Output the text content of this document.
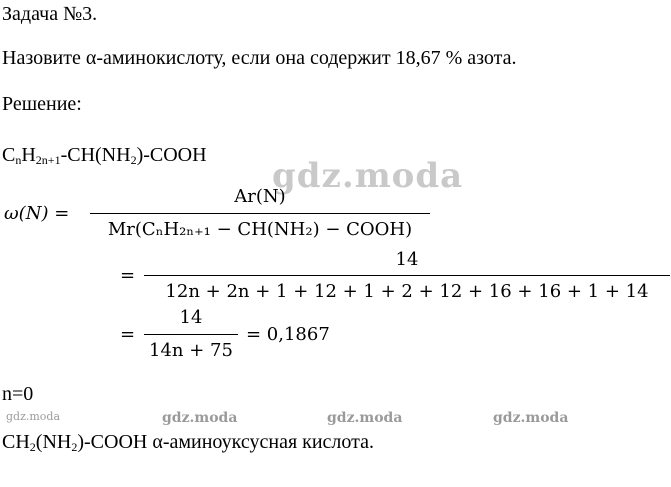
gdz.moda
gdz.moda	gdz.moda	gdz.moda	gdz.moda
Задача №3.
Назовите α-аминокислоту, если она содержит 18,67 % азота.
Решение:
$C_nH_{2n+1}-CH(NH_2)$-COOH
ω(N) =
Ar(N)
Mr(CₙH₂ₙ₊₁ − CH(NH₂) − COOH)
=
14
12n + 2n + 1 + 12 + 1 + 2 + 12 + 16 + 16 + 1 + 14
=
14
14n + 75
= 0,1867
n=0
$CH_2(NH_2)$-COOH α-аминоуксусная кислота.
